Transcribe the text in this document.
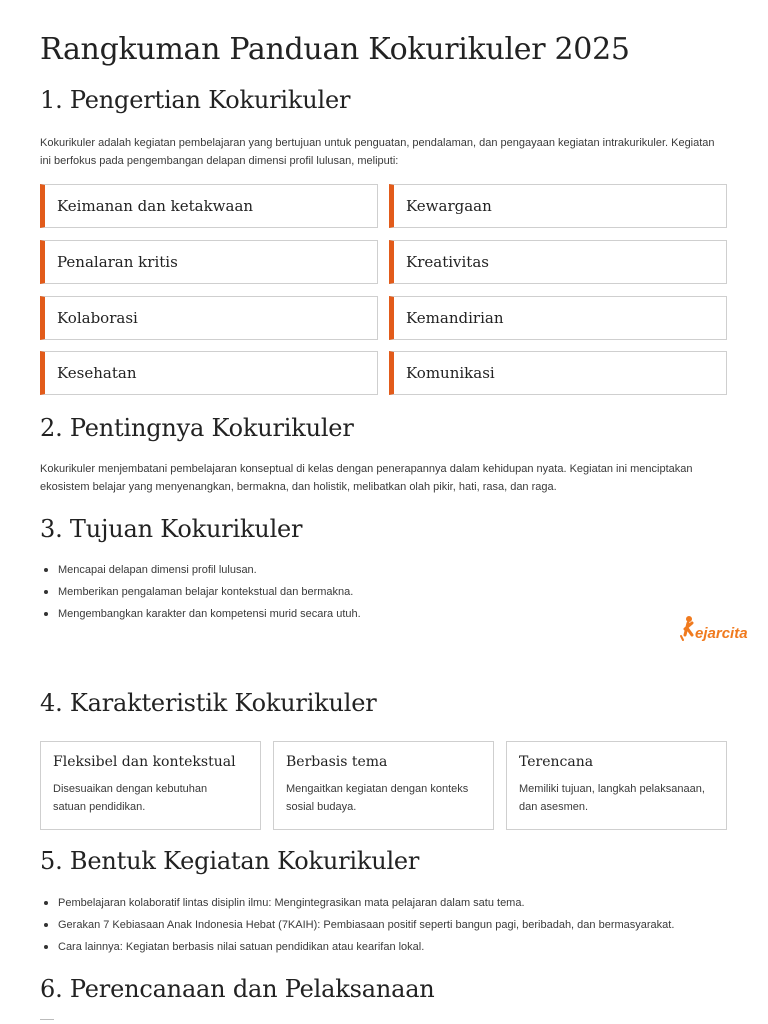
Rangkuman Panduan Kokurikuler 2025
1. Pengertian Kokurikuler

Kokurikuler adalah kegiatan pembelajaran yang bertujuan untuk penguatan, pendalaman, dan pengayaan kegiatan intrakurikuler. Kegiatan ini berfokus pada pengembangan delapan dimensi profil lulusan, meliputi:

Keimanan dan ketakwaan	Kewargaan
Penalaran kritis	Kreativitas
Kolaborasi	Kemandirian
Kesehatan	Komunikasi
2. Pentingnya Kokurikuler

Kokurikuler menjembatani pembelajaran konseptual di kelas dengan penerapannya dalam kehidupan nyata. Kegiatan ini menciptakan ekosistem belajar yang menyenangkan, bermakna, dan holistik, melibatkan olah pikir, hati, rasa, dan raga.

3. Tujuan Kokurikuler
Mencapai delapan dimensi profil lulusan.
Memberikan pengalaman belajar kontekstual dan bermakna.
Mengembangkan karakter dan kompetensi murid secara utuh.
4. Karakteristik Kokurikuler
Fleksibel dan kontekstual
Disesuaikan dengan kebutuhan satuan pendidikan.
Berbasis tema
Mengaitkan kegiatan dengan konteks sosial budaya.
Terencana
Memiliki tujuan, langkah pelaksanaan, dan asesmen.
5. Bentuk Kegiatan Kokurikuler
Pembelajaran kolaboratif lintas disiplin ilmu: Mengintegrasikan mata pelajaran dalam satu tema.
Gerakan 7 Kebiasaan Anak Indonesia Hebat (7KAIH): Pembiasaan positif seperti bangun pagi, beribadah, dan bermasyarakat.
Cara lainnya: Kegiatan berbasis nilai satuan pendidikan atau kearifan lokal.
6. Perencanaan dan Pelaksanaan
ejarcita
